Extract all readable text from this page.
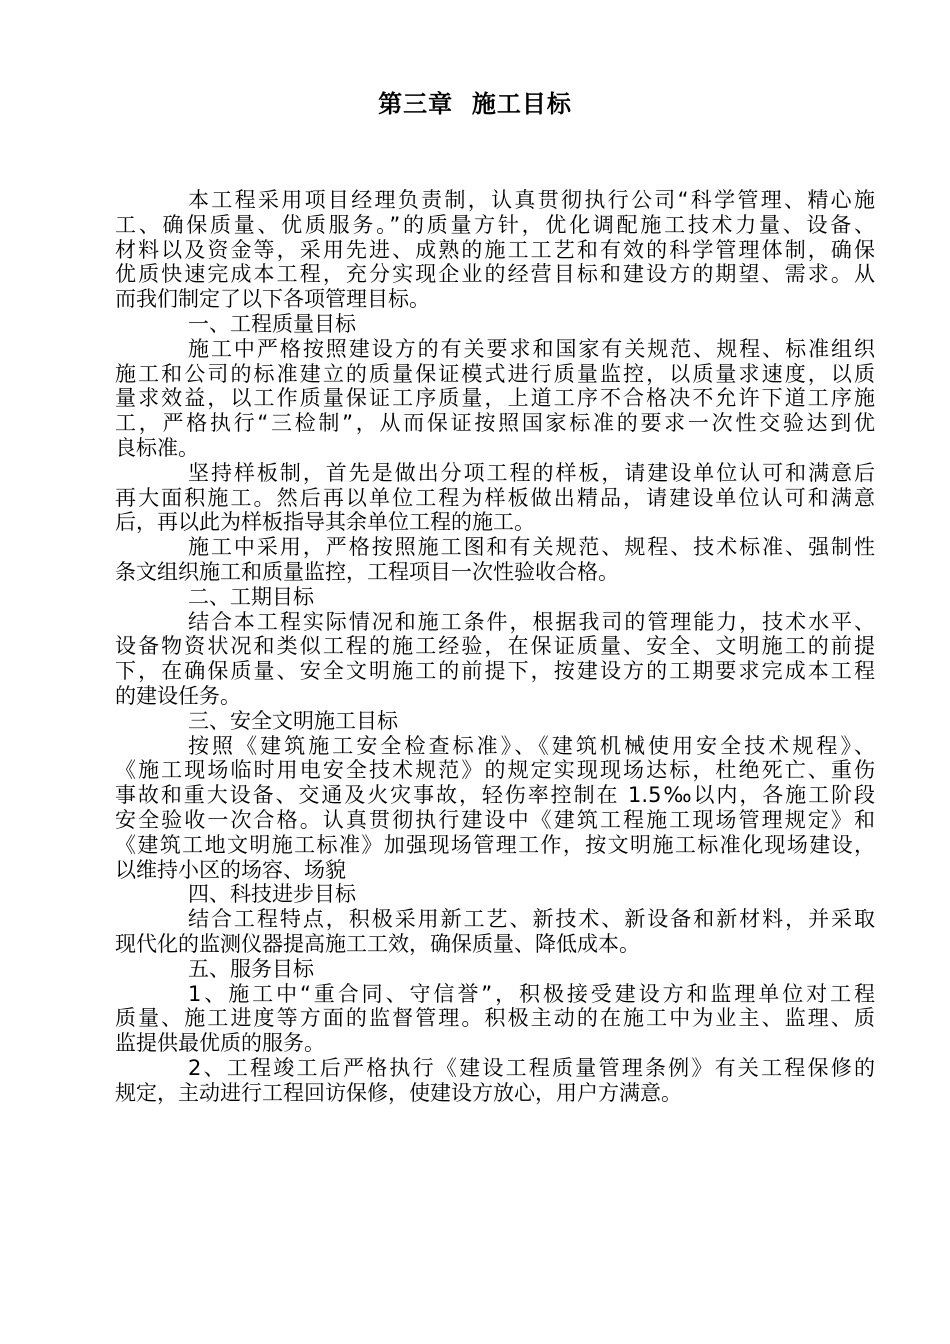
第三章  施工目标
本工程采用项目经理负责制，认真贯彻执行公司“科学管理、精心施
工、确保质量、优质服务。”的质量方针，优化调配施工技术力量、设备、
材料以及资金等，采用先进、成熟的施工工艺和有效的科学管理体制，确保
优质快速完成本工程，充分实现企业的经营目标和建设方的期望、需求。从
而我们制定了以下各项管理目标。
一、工程质量目标
施工中严格按照建设方的有关要求和国家有关规范、规程、标准组织
施工和公司的标准建立的质量保证模式进行质量监控，以质量求速度，以质
量求效益，以工作质量保证工序质量，上道工序不合格决不允许下道工序施
工，严格执行“三检制”，从而保证按照国家标准的要求一次性交验达到优
良标准。
坚持样板制，首先是做出分项工程的样板，请建设单位认可和满意后
再大面积施工。然后再以单位工程为样板做出精品，请建设单位认可和满意
后，再以此为样板指导其余单位工程的施工。
施工中采用，严格按照施工图和有关规范、规程、技术标准、强制性
条文组织施工和质量监控，工程项目一次性验收合格。
二、工期目标
结合本工程实际情况和施工条件，根据我司的管理能力，技术水平、
设备物资状况和类似工程的施工经验，在保证质量、安全、文明施工的前提
下，在确保质量、安全文明施工的前提下，按建设方的工期要求完成本工程
的建设任务。
三、安全文明施工目标
按照《建筑施工安全检查标准》、《建筑机械使用安全技术规程》、
《施工现场临时用电安全技术规范》的规定实现现场达标，杜绝死亡、重伤
事故和重大设备、交通及火灾事故，轻伤率控制在 1.5‰以内，各施工阶段
安全验收一次合格。认真贯彻执行建设中《建筑工程施工现场管理规定》和
《建筑工地文明施工标准》加强现场管理工作，按文明施工标准化现场建设，
以维持小区的场容、场貌
四、科技进步目标
结合工程特点，积极采用新工艺、新技术、新设备和新材料，并采取
现代化的监测仪器提高施工工效，确保质量、降低成本。
五、服务目标
1、施工中“重合同、守信誉”，积极接受建设方和监理单位对工程
质量、施工进度等方面的监督管理。积极主动的在施工中为业主、监理、质
监提供最优质的服务。
2、工程竣工后严格执行《建设工程质量管理条例》有关工程保修的
规定，主动进行工程回访保修，使建设方放心，用户方满意。
